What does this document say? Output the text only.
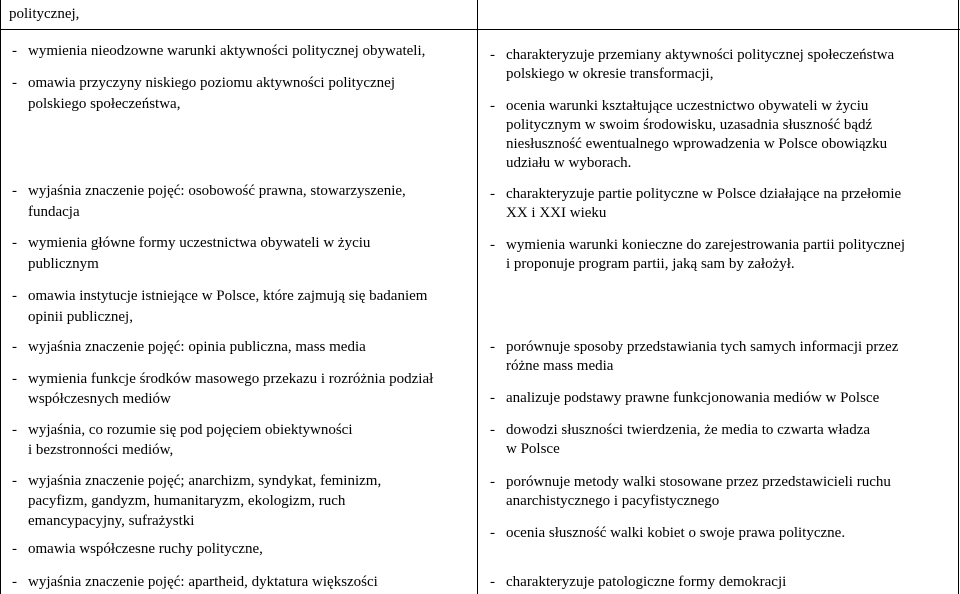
politycznej,
- wymienia nieodzowne warunki aktywności politycznej obywateli,
- omawia przyczyny niskiego poziomu aktywności politycznej
polskiego społeczeństwa,
- wyjaśnia znaczenie pojęć: osobowość prawna, stowarzyszenie,
fundacja
- wymienia główne formy uczestnictwa obywateli w życiu
publicznym
- omawia instytucje istniejące w Polsce, które zajmują się badaniem
opinii publicznej,
- wyjaśnia znaczenie pojęć: opinia publiczna, mass media
- wymienia funkcje środków masowego przekazu i rozróżnia podział
współczesnych mediów
- wyjaśnia, co rozumie się pod pojęciem obiektywności
i bezstronności mediów,
- wyjaśnia znaczenie pojęć; anarchizm, syndykat, feminizm,
pacyfizm, gandyzm, humanitaryzm, ekologizm, ruch
emancypacyjny, sufrażystki
- omawia współczesne ruchy polityczne,
- wyjaśnia znaczenie pojęć: apartheid, dyktatura większości
- charakteryzuje przemiany aktywności politycznej społeczeństwa
polskiego w okresie transformacji,
- ocenia warunki kształtujące uczestnictwo obywateli w życiu
politycznym w swoim środowisku, uzasadnia słuszność bądź
niesłuszność ewentualnego wprowadzenia w Polsce obowiązku
udziału w wyborach.
- charakteryzuje partie polityczne w Polsce działające na przełomie
XX i XXI wieku
- wymienia warunki konieczne do zarejestrowania partii politycznej
i proponuje program partii, jaką sam by założył.
- porównuje sposoby przedstawiania tych samych informacji przez
różne mass media
- analizuje podstawy prawne funkcjonowania mediów w Polsce
- dowodzi słuszności twierdzenia, że media to czwarta władza
w Polsce
- porównuje metody walki stosowane przez przedstawicieli ruchu
anarchistycznego i pacyfistycznego
- ocenia słuszność walki kobiet o swoje prawa polityczne.
- charakteryzuje patologiczne formy demokracji
